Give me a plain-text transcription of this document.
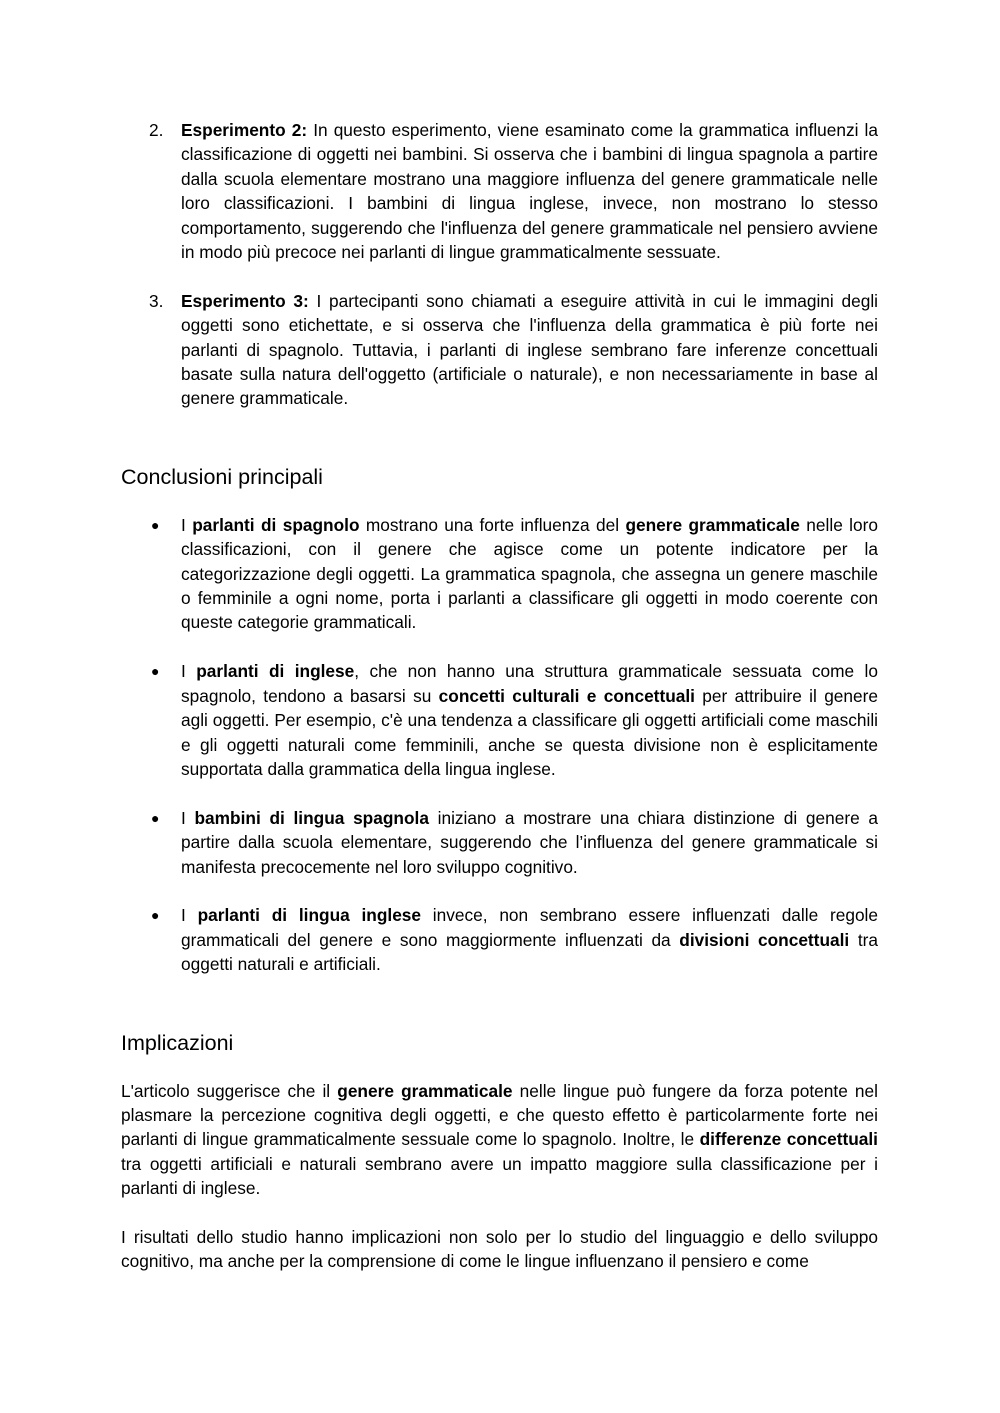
2. Esperimento 2: In questo esperimento, viene esaminato come la grammatica influenzi la classificazione di oggetti nei bambini. Si osserva che i bambini di lingua spagnola a partire dalla scuola elementare mostrano una maggiore influenza del genere grammaticale nelle loro classificazioni. I bambini di lingua inglese, invece, non mostrano lo stesso comportamento, suggerendo che l'influenza del genere grammaticale nel pensiero avviene in modo più precoce nei parlanti di lingue grammaticalmente sessuate.
3. Esperimento 3: I partecipanti sono chiamati a eseguire attività in cui le immagini degli oggetti sono etichettate, e si osserva che l'influenza della grammatica è più forte nei parlanti di spagnolo. Tuttavia, i parlanti di inglese sembrano fare inferenze concettuali basate sulla natura dell'oggetto (artificiale o naturale), e non necessariamente in base al genere grammaticale.
Conclusioni principali
● I parlanti di spagnolo mostrano una forte influenza del genere grammaticale nelle loro classificazioni, con il genere che agisce come un potente indicatore per la categorizzazione degli oggetti. La grammatica spagnola, che assegna un genere maschile o femminile a ogni nome, porta i parlanti a classificare gli oggetti in modo coerente con queste categorie grammaticali.
● I parlanti di inglese, che non hanno una struttura grammaticale sessuata come lo spagnolo, tendono a basarsi su concetti culturali e concettuali per attribuire il genere agli oggetti. Per esempio, c'è una tendenza a classificare gli oggetti artificiali come maschili e gli oggetti naturali come femminili, anche se questa divisione non è esplicitamente supportata dalla grammatica della lingua inglese.
● I bambini di lingua spagnola iniziano a mostrare una chiara distinzione di genere a partire dalla scuola elementare, suggerendo che l’influenza del genere grammaticale si manifesta precocemente nel loro sviluppo cognitivo.
● I parlanti di lingua inglese invece, non sembrano essere influenzati dalle regole grammaticali del genere e sono maggiormente influenzati da divisioni concettuali tra oggetti naturali e artificiali.
Implicazioni

L'articolo suggerisce che il genere grammaticale nelle lingue può fungere da forza potente nel plasmare la percezione cognitiva degli oggetti, e che questo effetto è particolarmente forte nei parlanti di lingue grammaticalmente sessuale come lo spagnolo. Inoltre, le differenze concettuali tra oggetti artificiali e naturali sembrano avere un impatto maggiore sulla classificazione per i parlanti di inglese.

I risultati dello studio hanno implicazioni non solo per lo studio del linguaggio e dello sviluppo cognitivo, ma anche per la comprensione di come le lingue influenzano il pensiero e come
